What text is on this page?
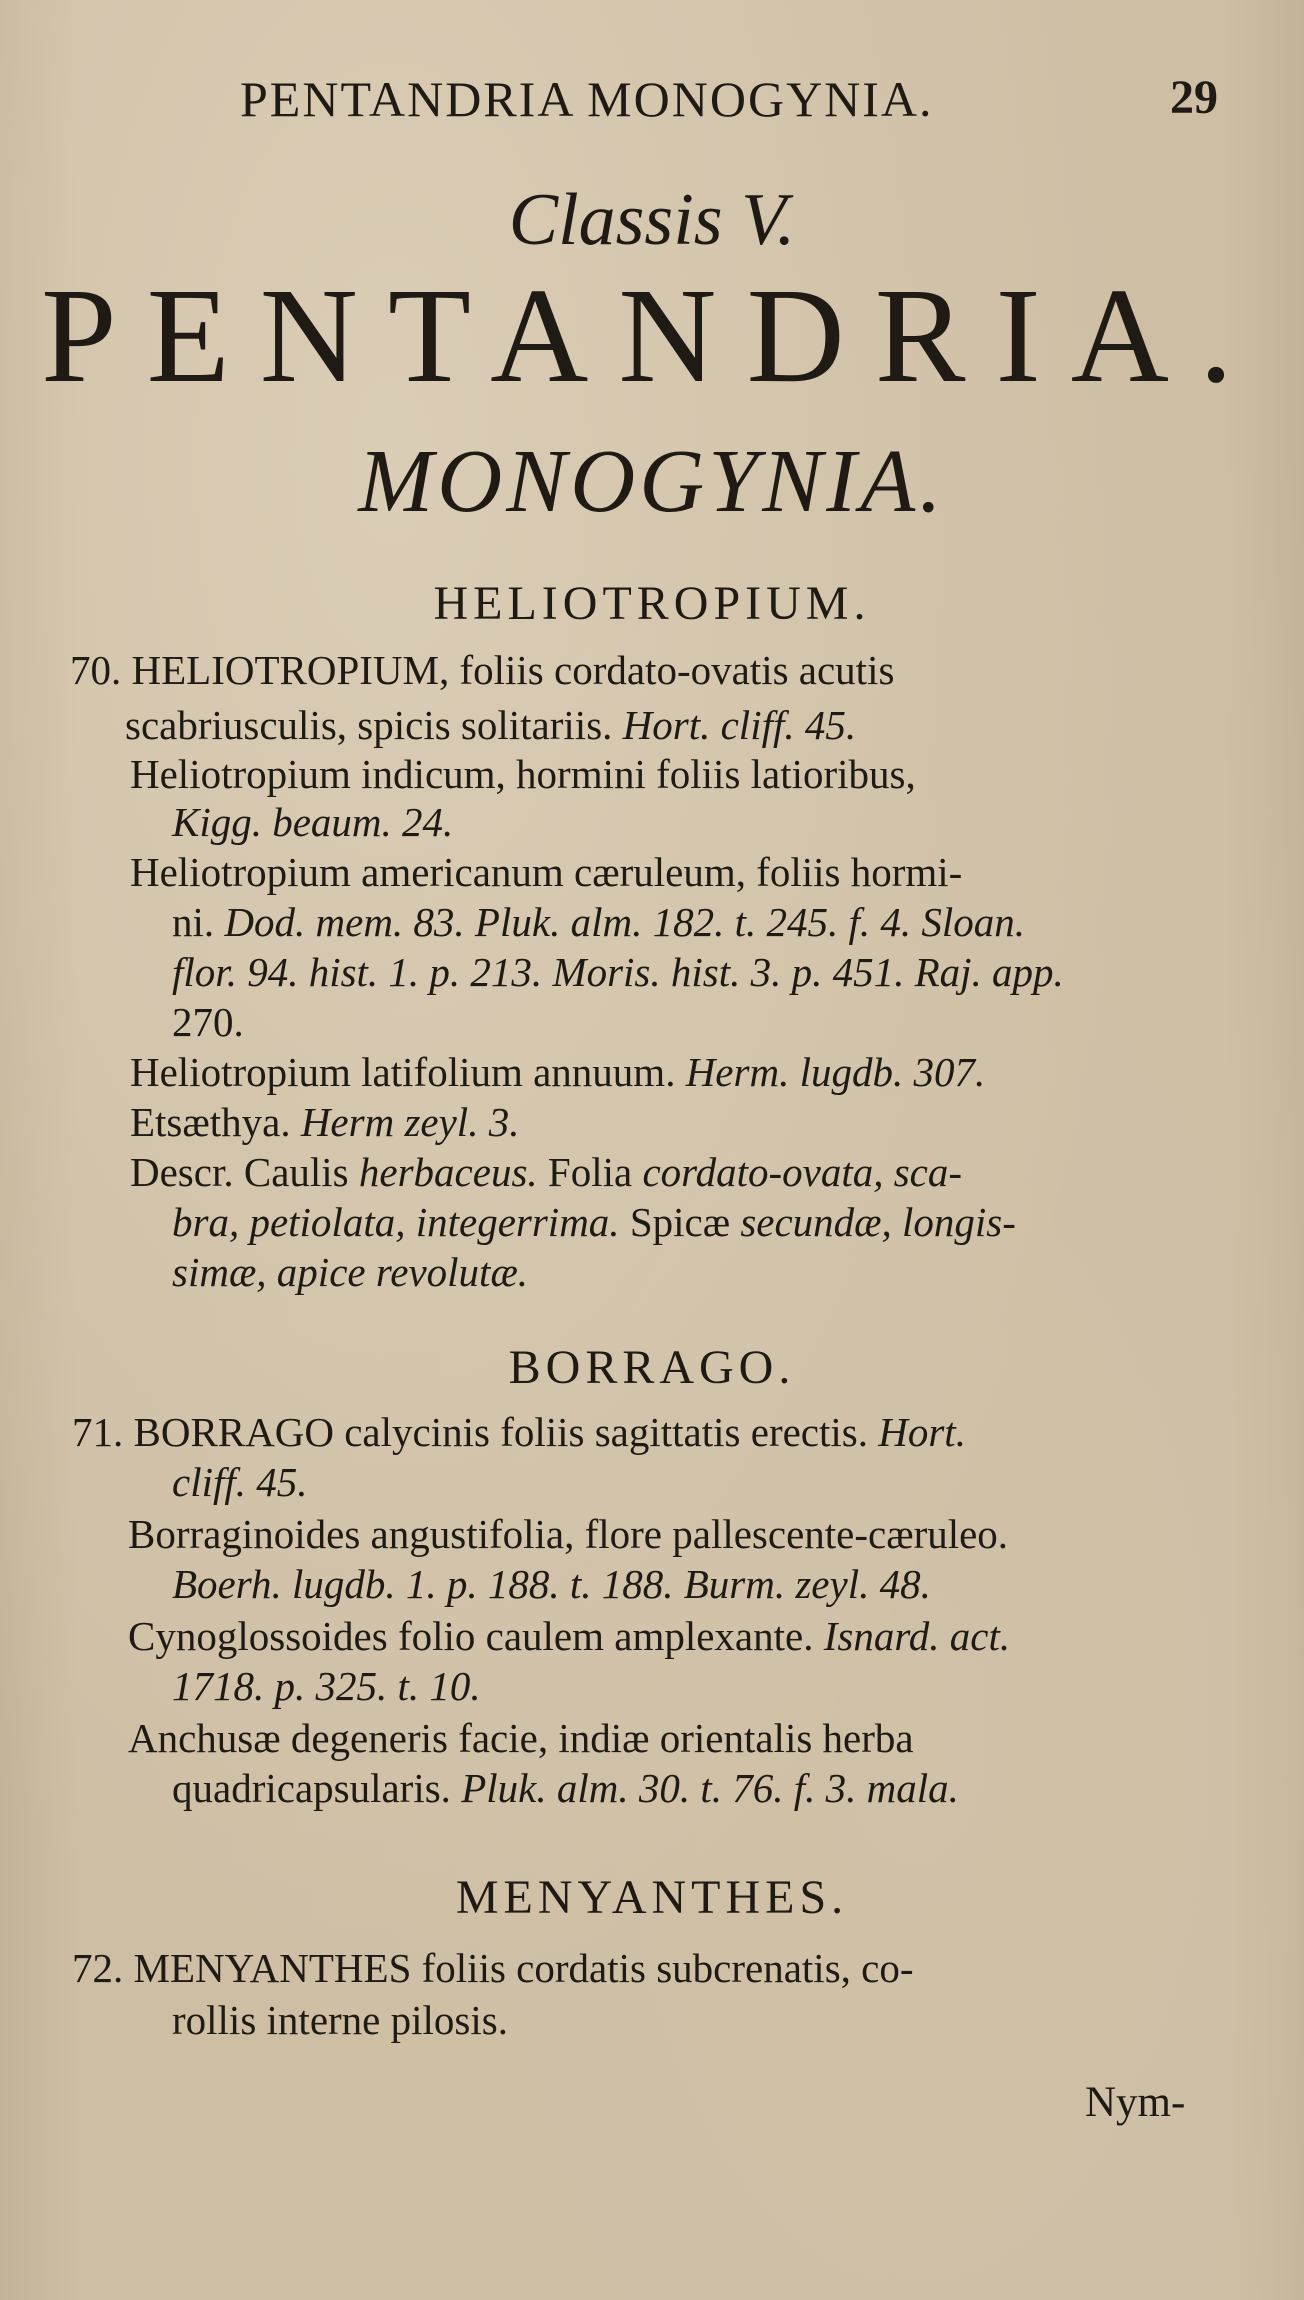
PENTANDRIA MONOGYNIA.	29
Classis V.
PENTANDRIA.
MONOGYNIA.
HELIOTROPIUM.
70. HELIOTROPIUM, foliis cordato-ovatis acutis
scabriusculis, spicis solitariis. Hort. cliff. 45.
Heliotropium indicum, hormini foliis latioribus,
Kigg. beaum. 24.
Heliotropium americanum cæruleum, foliis hormi-
ni. Dod. mem. 83. Pluk. alm. 182. t. 245. f. 4. Sloan.
flor. 94. hist. 1. p. 213. Moris. hist. 3. p. 451. Raj. app.
270.
Heliotropium latifolium annuum. Herm. lugdb. 307.
Etsæthya. Herm zeyl. 3.
Descr. Caulis herbaceus. Folia cordato-ovata, sca-
bra, petiolata, integerrima. Spicæ secundæ, longis-
simæ, apice revolutæ.
BORRAGO.
71. BORRAGO calycinis foliis sagittatis erectis. Hort.
cliff. 45.
Borraginoides angustifolia, flore pallescente-cæruleo.
Boerh. lugdb. 1. p. 188. t. 188. Burm. zeyl. 48.
Cynoglossoides folio caulem amplexante. Isnard. act.
1718. p. 325. t. 10.
Anchusæ degeneris facie, indiæ orientalis herba
quadricapsularis. Pluk. alm. 30. t. 76. f. 3. mala.
MENYANTHES.
72. MENYANTHES foliis cordatis subcrenatis, co-
rollis interne pilosis.
Nym-
